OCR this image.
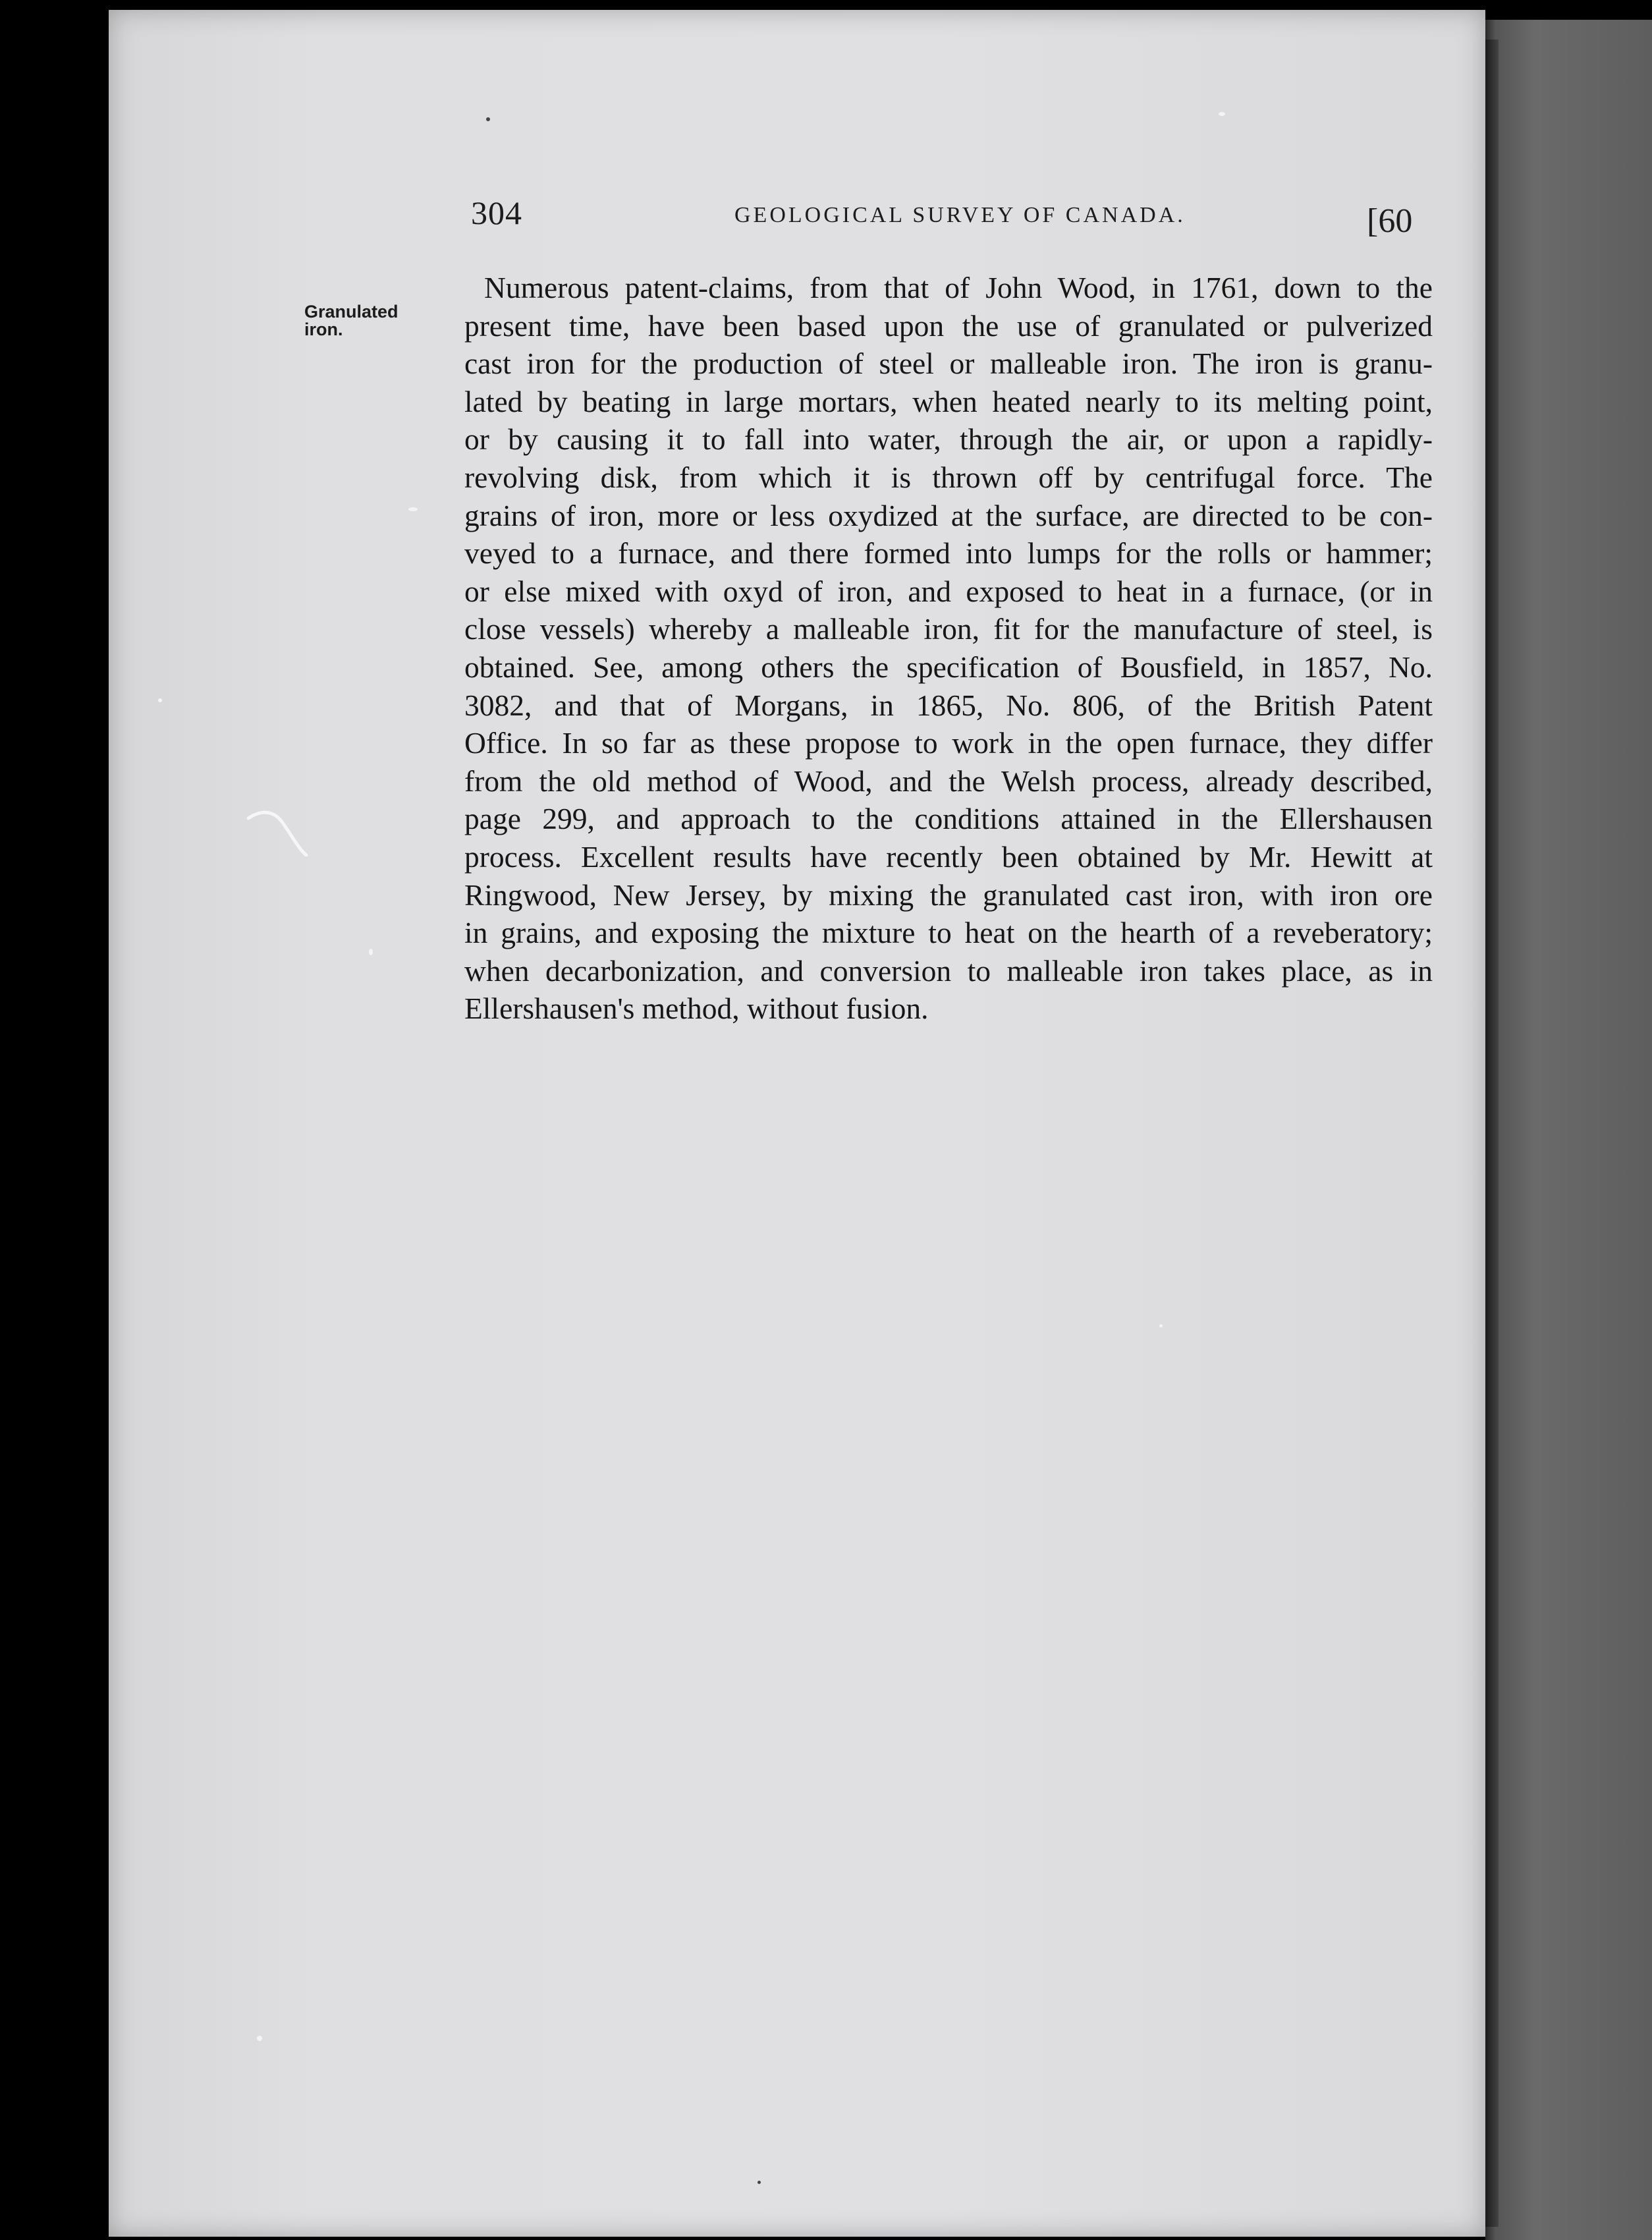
304	GEOLOGICAL SURVEY OF CANADA.	[60
Granulated
iron.
Numerous patent-claims, from that of John Wood, in 1761, down to the
present time, have been based upon the use of granulated or pulverized
cast iron for the production of steel or malleable iron. The iron is granu-
lated by beating in large mortars, when heated nearly to its melting point,
or by causing it to fall into water, through the air, or upon a rapidly-
revolving disk, from which it is thrown off by centrifugal force. The
grains of iron, more or less oxydized at the surface, are directed to be con-
veyed to a furnace, and there formed into lumps for the rolls or hammer;
or else mixed with oxyd of iron, and exposed to heat in a furnace, (or in
close vessels) whereby a malleable iron, fit for the manufacture of steel, is
obtained. See, among others the specification of Bousfield, in 1857, No.
3082, and that of Morgans, in 1865, No. 806, of the British Patent
Office. In so far as these propose to work in the open furnace, they differ
from the old method of Wood, and the Welsh process, already described,
page 299, and approach to the conditions attained in the Ellershausen
process. Excellent results have recently been obtained by Mr. Hewitt at
Ringwood, New Jersey, by mixing the granulated cast iron, with iron ore
in grains, and exposing the mixture to heat on the hearth of a reveberatory;
when decarbonization, and conversion to malleable iron takes place, as in
Ellershausen's method, without fusion.
